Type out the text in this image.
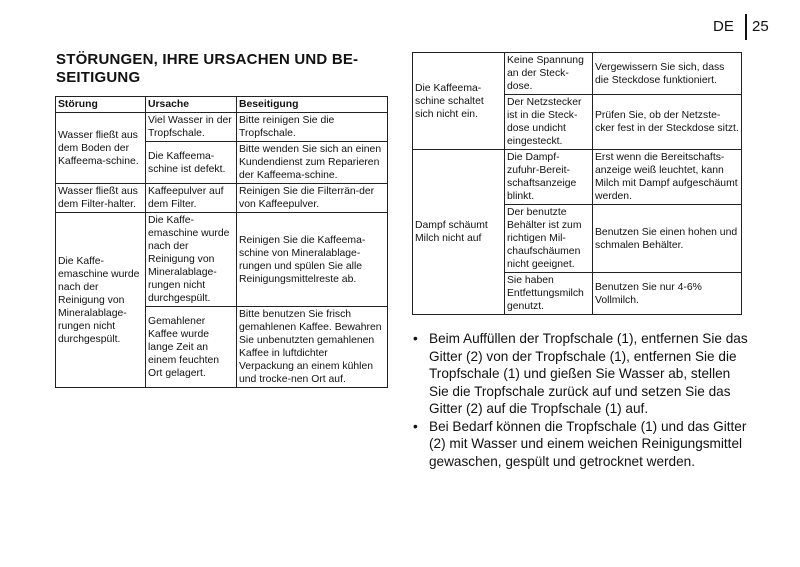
DE 25
STÖRUNGEN, IHRE URSACHEN UND BE-SEITIGUNG
Störung	Ursache	Beseitigung
Wasser fließt aus dem Boden der Kaffeema-schine.	Viel Wasser in der Tropfschale.	Bitte reinigen Sie die Tropfschale.
	Die Kaffeema-schine ist defekt.	Bitte wenden Sie sich an einen Kundendienst zum Reparieren der Kaffeema-schine.
Wasser fließt aus dem Filter-halter.	Kaffeepulver auf dem Filter.	Reinigen Sie die Filterrän-der von Kaffeepulver.
Die Kaffe-emaschine wurde nach der Reinigung von Mineralablage-rungen nicht durchgespült.	Die Kaffe-emaschine wurde nach der Reinigung von Mineralablage-rungen nicht durchgespült.	Reinigen Sie die Kaffeema-schine von Mineralablage-rungen und spülen Sie alle Reinigungsmittelreste ab.
	Gemahlener Kaffee wurde lange Zeit an einem feuchten Ort gelagert.	Bitte benutzen Sie frisch gemahlenen Kaffee. Bewahren Sie unbenutzten gemahlenen Kaffee in luftdichter Verpackung an einem kühlen und trocke-nen Ort auf.
Die Kaffeema-schine schaltet sich nicht ein.	Keine Spannung an der Steck-dose.	Vergewissern Sie sich, dass die Steckdose funktioniert.
	Der Netzstecker ist in die Steck-dose undicht eingesteckt.	Prüfen Sie, ob der Netzste-cker fest in der Steckdose sitzt.
Dampf schäumt Milch nicht auf	Die Dampf-zufuhr-Bereit-schaftsanzeige blinkt.	Erst wenn die Bereitschafts-anzeige weiß leuchtet, kann Milch mit Dampf aufgeschäumt werden.
	Der benutzte Behälter ist zum richtigen Mil-chaufschäumen nicht geeignet.	Benutzen Sie einen hohen und schmalen Behälter.
	Sie haben Entfettungsmilch genutzt.	Benutzen Sie nur 4-6% Vollmilch.
• Beim Auffüllen der Tropfschale (1), entfernen Sie das Gitter (2) von der Tropfschale (1), entfernen Sie die Tropfschale (1) und gießen Sie Wasser ab, stellen Sie die Tropfschale zurück auf und setzen Sie das Gitter (2) auf die Tropfschale (1) auf.
• Bei Bedarf können die Tropfschale (1) und das Gitter (2) mit Wasser und einem weichen Reinigungsmittel gewaschen, gespült und getrocknet werden.
